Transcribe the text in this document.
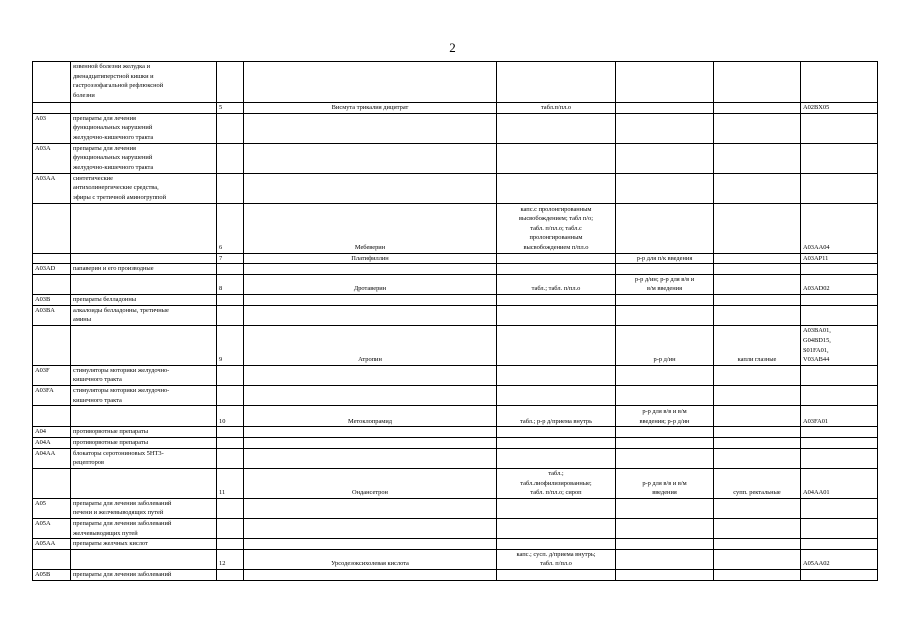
2
	язвенной болезни желудка и
двенадцатиперстной кишки и
гастроэзофагальной рефлюксной
болезни							
		5	Висмута трикалия дицитрат	табл.п/пл.о				A02BX05
A03	препараты для лечения
функциональных нарушений
желудочно-кишечного тракта							
A03A	препараты для лечения
функциональных нарушений
желудочно-кишечного тракта							
A03AA	синтетические
антихолинергические средства,
эфиры с третичной аминогруппой							
		6	Мебеверин	капс.с пролонгированным
высвобождением; табл п/о;
табл. п/пл.о; табл.с
пролонгированным
высвобождением п/пл.о				A03AA04
		7	Платифиллин		р-р для п/к введения			A03AP11
A03AD	папаверин и его производные							
		8	Дротаверин	табл.; табл. п/пл.о	р-р д/ин; р-р для в/в и
в/м введения			A03AD02
A03B	препараты белладонны							
A03BA	алкалоиды белладонны, третичные
амины							
		9	Атропин		р-р д/ин		капли глазные	A03BA01,
G04BD15,
S01FA01,
V03AB44
A03F	стимуляторы моторики желудочно-
кишечного тракта							
A03FA	стимуляторы моторики желудочно-
кишечного тракта							
		10	Метоклопрамид	табл.; р-р д/приема внутрь	р-р для в/в и в/м
введения; р-р д/ин			A03FA01
A04	противорвотные препараты							
A04A	противорвотные препараты							
A04AA	блокаторы серотониновых 5HT3-
рецепторов							
		11	Ондансетрон	табл.;
табл.лиофилизированные;
табл. п/пл.о; сироп	р-р для в/в и в/м
введения		супп. ректальные	A04AA01
A05	препараты для лечения заболеваний
печени и желчевыводящих путей							
A05A	препараты для лечения заболеваний
желчевыводящих путей							
A05AA	препараты желчных кислот							
		12	Урсодезоксихолевая кислота	капс.; сусп. д/приема внутрь;
табл. п/пл.о				A05AA02
A05B	препараты для лечения заболеваний							
